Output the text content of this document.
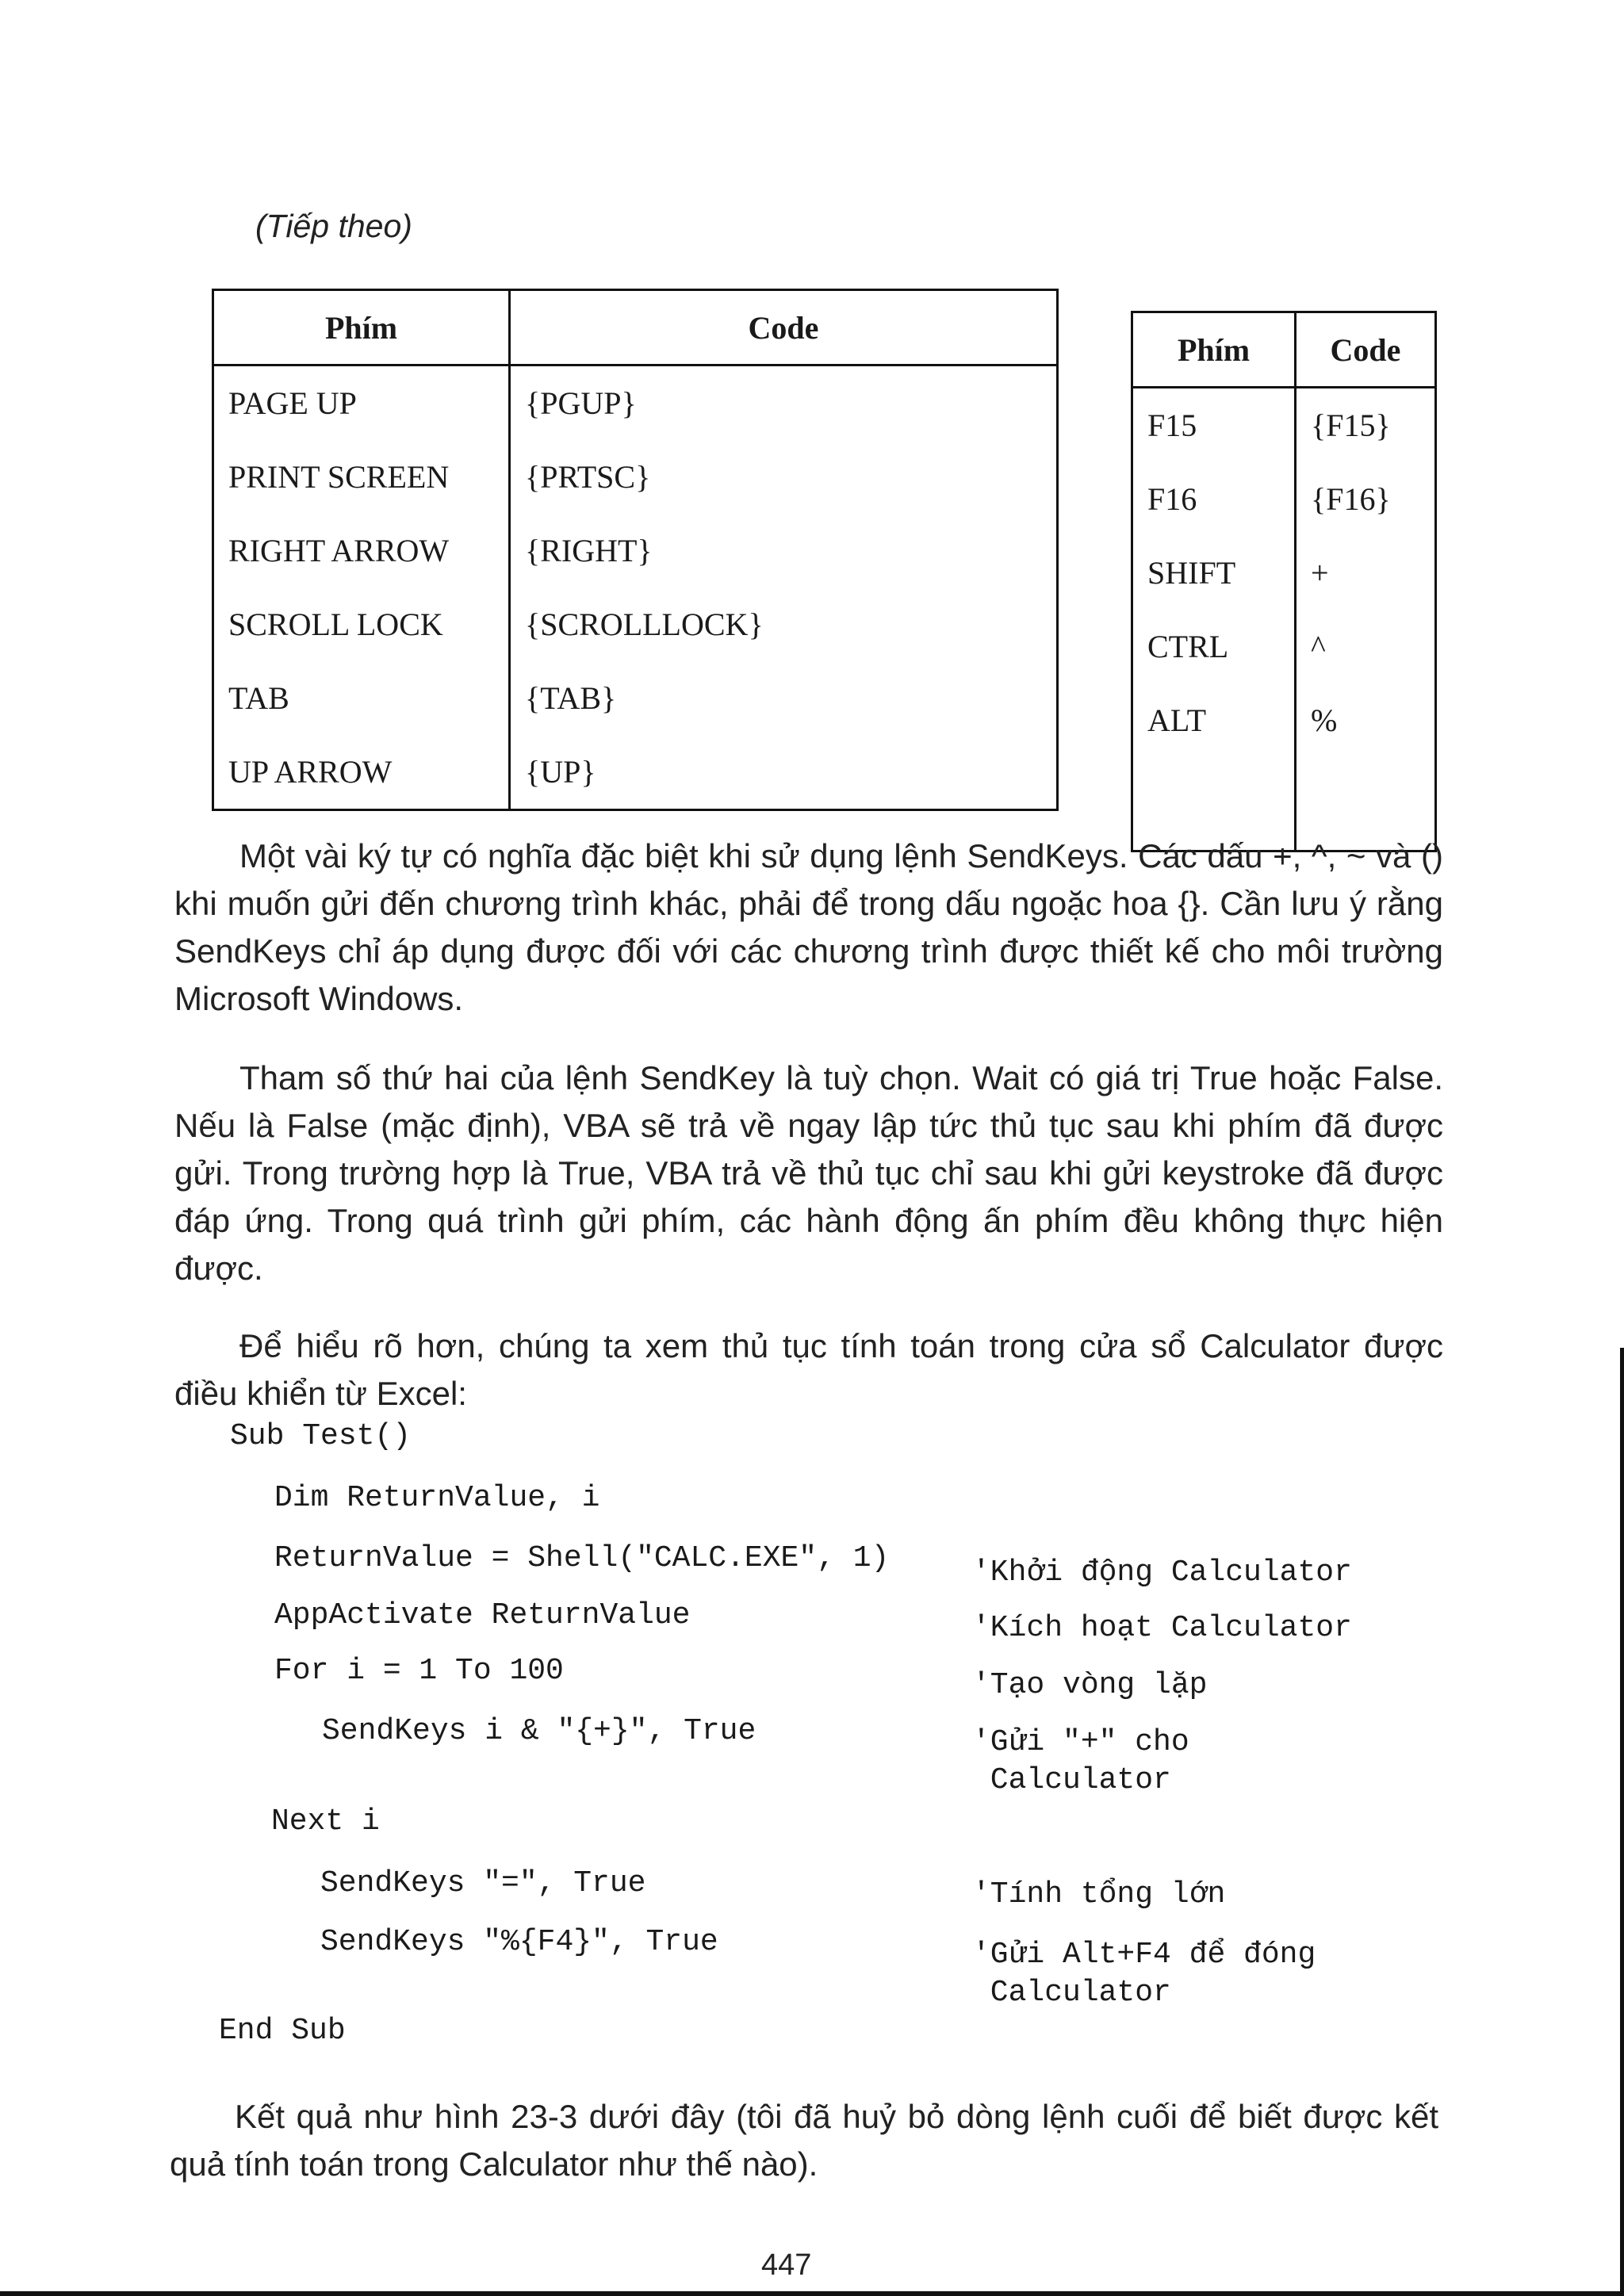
(Tiếp theo)
Phím	Code
PAGE UP	{PGUP}
PRINT SCREEN	{PRTSC}
RIGHT ARROW	{RIGHT}
SCROLL LOCK	{SCROLLLOCK}
TAB	{TAB}
UP ARROW	{UP}
Phím	Code
F15	{F15}
F16	{F16}
SHIFT	+
CTRL	^
ALT	%

Một vài ký tự có nghĩa đặc biệt khi sử dụng lệnh SendKeys. Các dấu +, ^, ~ và () khi muốn gửi đến chương trình khác, phải để trong dấu ngoặc hoa {}. Cần lưu ý rằng SendKeys chỉ áp dụng được đối với các chương trình được thiết kế cho môi trường Microsoft Windows.

Tham số thứ hai của lệnh SendKey là tuỳ chọn. Wait có giá trị True hoặc False. Nếu là False (mặc định), VBA sẽ trả về ngay lập tức thủ tục sau khi phím đã được gửi. Trong trường hợp là True, VBA trả về thủ tục chỉ sau khi gửi keystroke đã được đáp ứng. Trong quá trình gửi phím, các hành động ấn phím đều không thực hiện được.

Để hiểu rõ hơn, chúng ta xem thủ tục tính toán trong cửa sổ Calculator được điều khiển từ Excel:

Sub Test()
Dim ReturnValue, i
ReturnValue = Shell("CALC.EXE", 1)	'Khởi động Calculator
AppActivate ReturnValue	'Kích hoạt Calculator
For i = 1 To 100	'Tạo vòng lặp
SendKeys i & "{+}", True	'Gửi "+" cho
Calculator
Next i
SendKeys "=", True	'Tính tổng lớn
SendKeys "%{F4}", True	'Gửi Alt+F4 để đóng
Calculator
End Sub

Kết quả như hình 23-3 dưới đây (tôi đã huỷ bỏ dòng lệnh cuối để biết được kết quả tính toán trong Calculator như thế nào).

447
